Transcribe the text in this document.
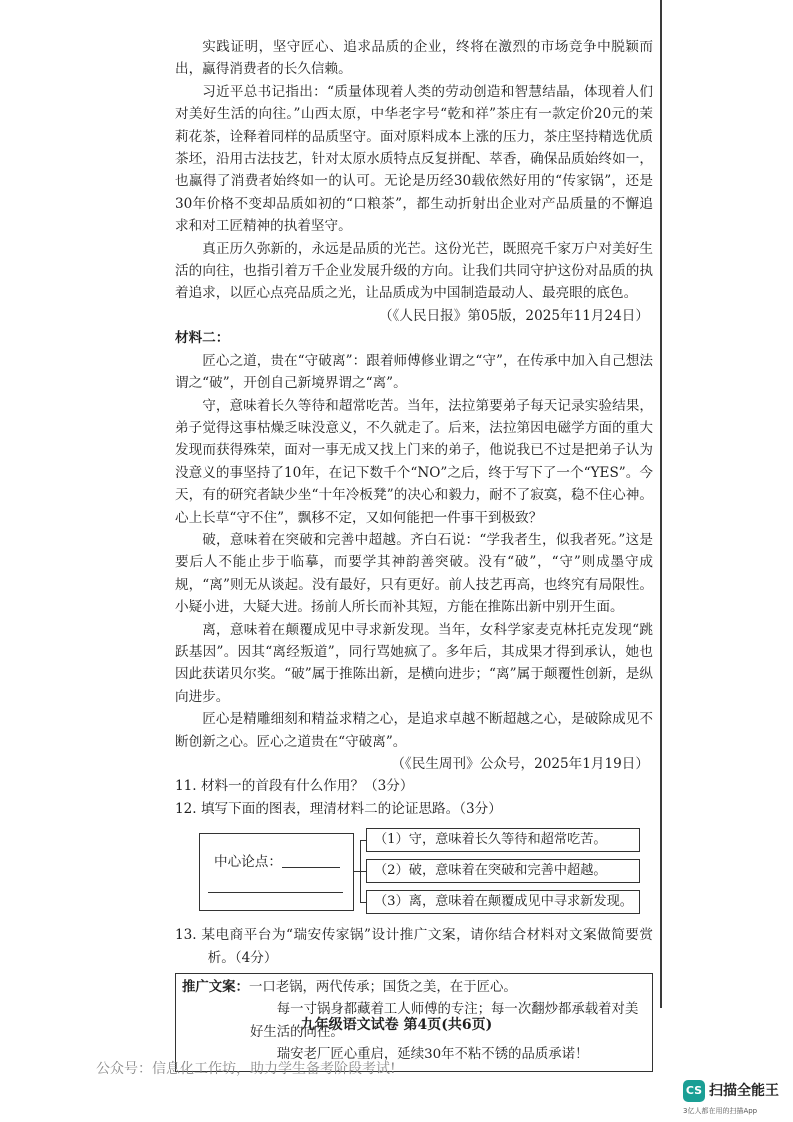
实践证明，坚守匠心、追求品质的企业，终将在激烈的市场竞争中脱颖而出，赢得消费者的长久信赖。

习近平总书记指出：“质量体现着人类的劳动创造和智慧结晶，体现着人们对美好生活的向往。”山西太原，中华老字号“乾和祥”茶庄有一款定价20元的茉莉花茶，诠释着同样的品质坚守。面对原料成本上涨的压力，茶庄坚持精选优质茶坯，沿用古法技艺，针对太原水质特点反复拼配、萃香，确保品质始终如一，也赢得了消费者始终如一的认可。无论是历经30载依然好用的“传家锅”，还是30年价格不变却品质如初的“口粮茶”，都生动折射出企业对产品质量的不懈追求和对工匠精神的执着坚守。

真正历久弥新的，永远是品质的光芒。这份光芒，既照亮千家万户对美好生活的向往，也指引着万千企业发展升级的方向。让我们共同守护这份对品质的执着追求，以匠心点亮品质之光，让品质成为中国制造最动人、最亮眼的底色。

（《人民日报》第05版，2025年11月24日）

材料二：

匠心之道，贵在“守破离”：跟着师傅修业谓之“守”，在传承中加入自己想法谓之“破”，开创自己新境界谓之“离”。

守，意味着长久等待和超常吃苦。当年，法拉第要弟子每天记录实验结果，弟子觉得这事枯燥乏味没意义，不久就走了。后来，法拉第因电磁学方面的重大发现而获得殊荣，面对一事无成又找上门来的弟子，他说我已不过是把弟子认为没意义的事坚持了10年，在记下数千个“NO”之后，终于写下了一个“YES”。今天，有的研究者缺少坐“十年冷板凳”的决心和毅力，耐不了寂寞，稳不住心神。心上长草“守不住”，飘移不定，又如何能把一件事干到极致？

破，意味着在突破和完善中超越。齐白石说：“学我者生，似我者死。”这是要后人不能止步于临摹，而要学其神韵善突破。没有“破”，“守”则成墨守成规，“离”则无从谈起。没有最好，只有更好。前人技艺再高，也终究有局限性。小疑小进，大疑大进。扬前人所长而补其短，方能在推陈出新中别开生面。

离，意味着在颠覆成见中寻求新发现。当年，女科学家麦克林托克发现“跳跃基因”。因其“离经叛道”，同行骂她疯了。多年后，其成果才得到承认，她也因此获诺贝尔奖。“破”属于推陈出新，是横向进步；“离”属于颠覆性创新，是纵向进步。

匠心是精雕细刻和精益求精之心，是追求卓越不断超越之心，是破除成见不断创新之心。匠心之道贵在“守破离”。

（《民生周刊》公众号，2025年1月19日）

11. 材料一的首段有什么作用？（3分）

12. 填写下面的图表，理清材料二的论证思路。（3分）

中心论点：
（1）守，意味着长久等待和超常吃苦。
（2）破，意味着在突破和完善中超越。
（3）离，意味着在颠覆成见中寻求新发现。

13. 某电商平台为“瑞安传家锅”设计推广文案，请你结合材料对文案做简要赏析。（4分）

推广文案：一口老锅，两代传承；国货之美，在于匠心。
每一寸锅身都藏着工人师傅的专注；每一次翻炒都承载着对美好生活的向往。
瑞安老厂匠心重启，延续30年不粘不锈的品质承诺！
九年级语文试卷 第4页(共6页)
公众号：信息化工作坊，助力学生备考阶段考试!
CS 扫描全能王
3亿人都在用的扫描App
